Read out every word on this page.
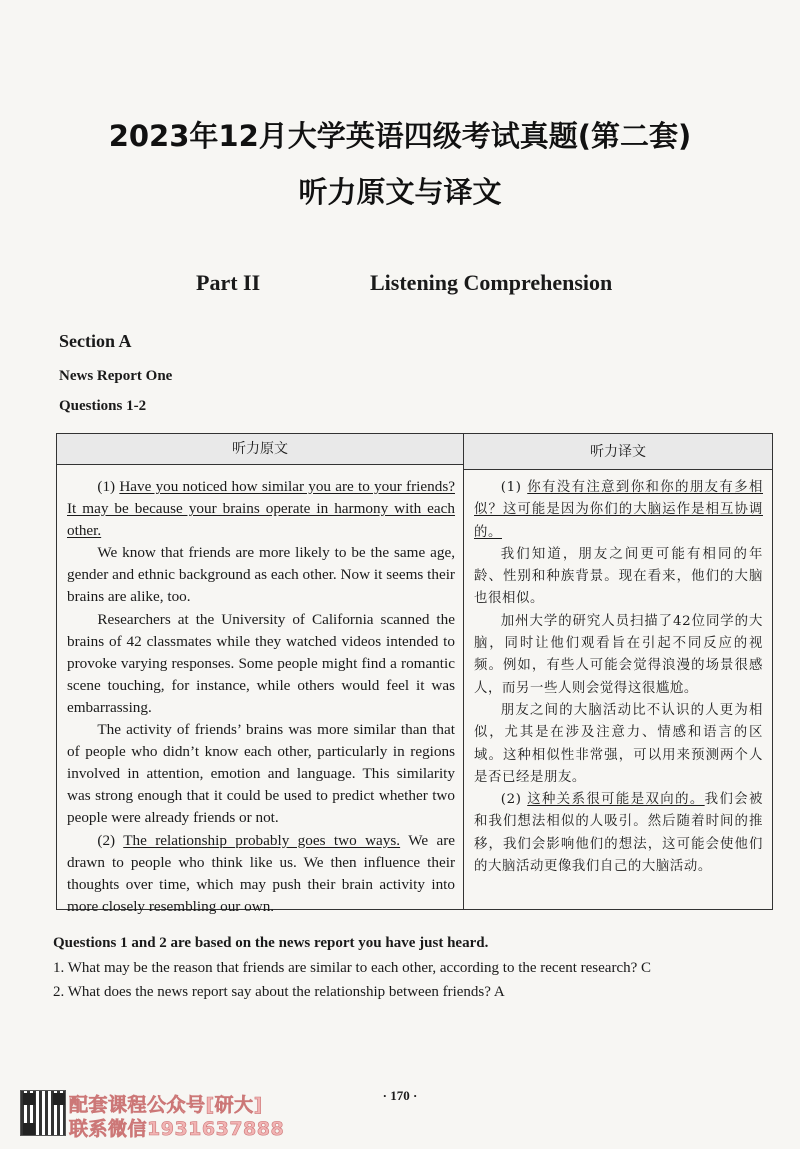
2023年12月大学英语四级考试真题(第二套)
听力原文与译文
Part II	Listening Comprehension
Section A
News Report One
Questions 1-2
听力原文	听力译文

(1) Have you noticed how similar you are to your friends? It may be because your brains operate in harmony with each other.

We know that friends are more likely to be the same age, gender and ethnic background as each other. Now it seems their brains are alike, too.

Researchers at the University of California scanned the brains of 42 classmates while they watched videos intended to provoke varying responses. Some people might find a romantic scene touching, for instance, while others would feel it was embarrassing.

The activity of friends’ brains was more similar than that of people who didn’t know each other, particularly in regions involved in attention, emotion and language. This similarity was strong enough that it could be used to predict whether two people were already friends or not.

(2) The relationship probably goes two ways. We are drawn to people who think like us. We then influence their thoughts over time, which may push their brain activity into more closely resembling our own.

(1) 你有没有注意到你和你的朋友有多相似？这可能是因为你们的大脑运作是相互协调的。

我们知道，朋友之间更可能有相同的年龄、性别和种族背景。现在看来，他们的大脑也很相似。

加州大学的研究人员扫描了42位同学的大脑，同时让他们观看旨在引起不同反应的视频。例如，有些人可能会觉得浪漫的场景很感人，而另一些人则会觉得这很尴尬。

朋友之间的大脑活动比不认识的人更为相似，尤其是在涉及注意力、情感和语言的区域。这种相似性非常强，可以用来预测两个人是否已经是朋友。

(2) 这种关系很可能是双向的。我们会被和我们想法相似的人吸引。然后随着时间的推移，我们会影响他们的想法，这可能会使他们的大脑活动更像我们自己的大脑活动。

Questions 1 and 2 are based on the news report you have just heard.
1. What may be the reason that friends are similar to each other, according to the recent research? C
2. What does the news report say about the relationship between friends? A
· 170 ·
配套课程公众号[研大]
联系微信1931637888
